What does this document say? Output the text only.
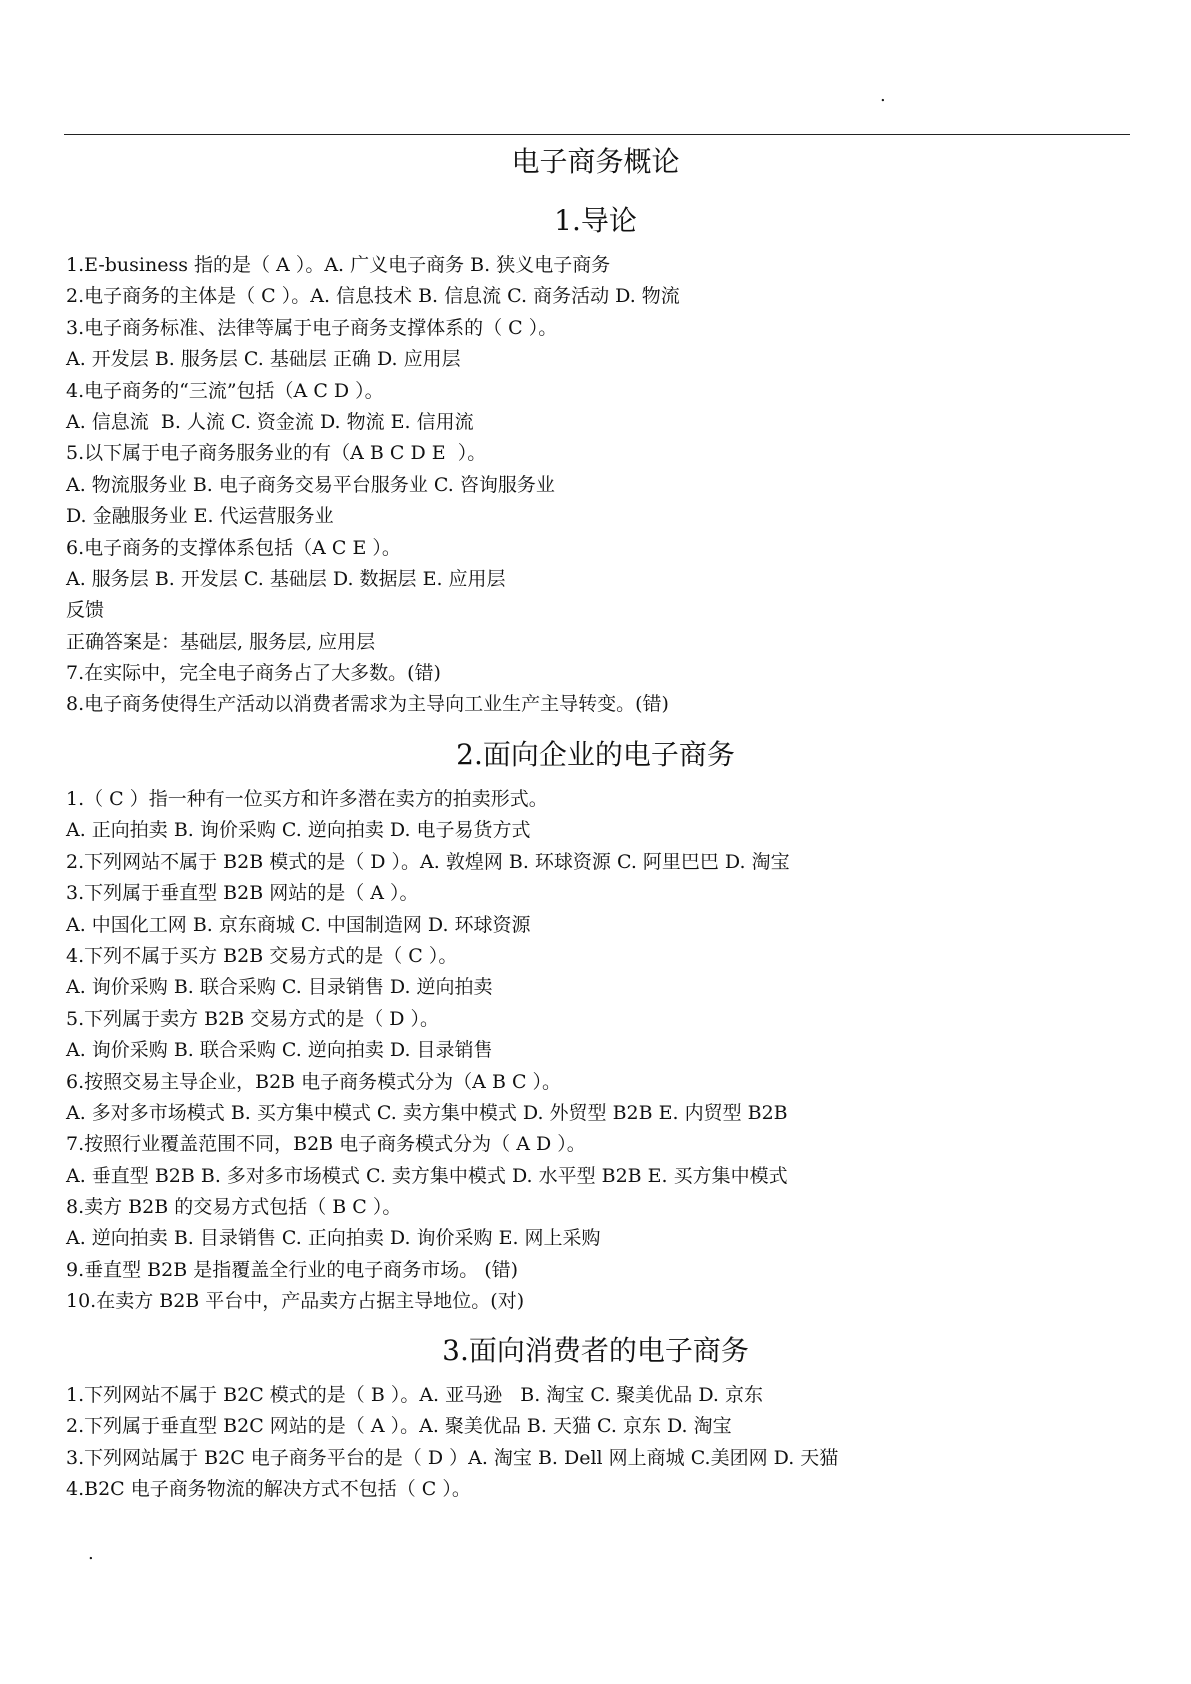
.
电子商务概论
1.导论
1.E-business 指的是（ A ）。A. 广义电子商务 B. 狭义电子商务
2.电子商务的主体是（ C ）。A. 信息技术 B. 信息流 C. 商务活动 D. 物流
3.电子商务标准、法律等属于电子商务支撑体系的（ C ）。
A. 开发层 B. 服务层 C. 基础层 正确 D. 应用层
4.电子商务的“三流”包括（A C D ）。
A. 信息流  B. 人流 C. 资金流 D. 物流 E. 信用流
5.以下属于电子商务服务业的有（A B C D E  ）。
A. 物流服务业 B. 电子商务交易平台服务业 C. 咨询服务业
D. 金融服务业 E. 代运营服务业
6.电子商务的支撑体系包括（A C E ）。
A. 服务层 B. 开发层 C. 基础层 D. 数据层 E. 应用层
反馈
正确答案是：基础层, 服务层, 应用层
7.在实际中，完全电子商务占了大多数。(错)
8.电子商务使得生产活动以消费者需求为主导向工业生产主导转变。(错)
2.面向企业的电子商务
1.（ C ）指一种有一位买方和许多潜在卖方的拍卖形式。
A. 正向拍卖 B. 询价采购 C. 逆向拍卖 D. 电子易货方式
2.下列网站不属于 B2B 模式的是（ D ）。A. 敦煌网 B. 环球资源 C. 阿里巴巴 D. 淘宝
3.下列属于垂直型 B2B 网站的是（ A ）。
A. 中国化工网 B. 京东商城 C. 中国制造网 D. 环球资源
4.下列不属于买方 B2B 交易方式的是（ C ）。
A. 询价采购 B. 联合采购 C. 目录销售 D. 逆向拍卖
5.下列属于卖方 B2B 交易方式的是（ D ）。
A. 询价采购 B. 联合采购 C. 逆向拍卖 D. 目录销售
6.按照交易主导企业，B2B 电子商务模式分为（A B C ）。
A. 多对多市场模式 B. 买方集中模式 C. 卖方集中模式 D. 外贸型 B2B E. 内贸型 B2B
7.按照行业覆盖范围不同，B2B 电子商务模式分为（ A D ）。
A. 垂直型 B2B B. 多对多市场模式 C. 卖方集中模式 D. 水平型 B2B E. 买方集中模式
8.卖方 B2B 的交易方式包括（ B C ）。
A. 逆向拍卖 B. 目录销售 C. 正向拍卖 D. 询价采购 E. 网上采购
9.垂直型 B2B 是指覆盖全行业的电子商务市场。 (错)
10.在卖方 B2B 平台中，产品卖方占据主导地位。(对)
3.面向消费者的电子商务
1.下列网站不属于 B2C 模式的是（ B ）。A. 亚马逊   B. 淘宝 C. 聚美优品 D. 京东
2.下列属于垂直型 B2C 网站的是（ A ）。A. 聚美优品 B. 天猫 C. 京东 D. 淘宝
3.下列网站属于 B2C 电子商务平台的是（ D ）A. 淘宝 B. Dell 网上商城 C.美团网 D. 天猫
4.B2C 电子商务物流的解决方式不包括（ C ）。
.
